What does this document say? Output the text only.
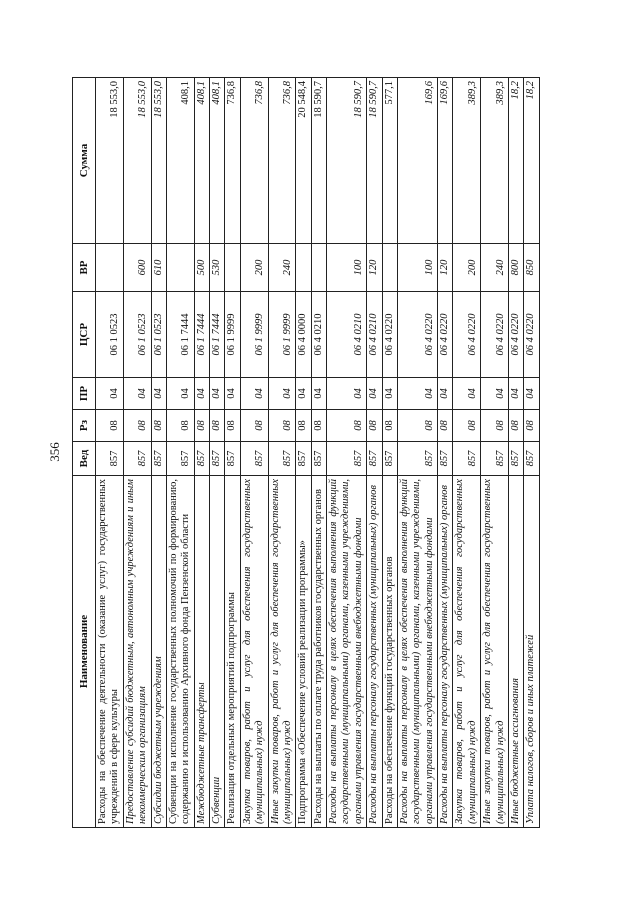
356
Наименование	Вед	Рз	ПР	ЦСР	ВР	Сумма
Расходы на обеспечение деятельности (оказание услуг) государственных учреждений в сфере культуры	857	08	04	06 1 0523		18 553,0
Предоставление субсидий бюджетным, автономным учреждениям и иным некоммерческим организациям	857	08	04	06 1 0523	600	18 553,0
Субсидии бюджетным учреждениям	857	08	04	06 1 0523	610	18 553,0
Субвенции на исполнение государственных полномочий по формированию, содержанию и использованию Архивного фонда Пензенской области	857	08	04	06 1 7444		408,1
Межбюджетные трансферты	857	08	04	06 1 7444	500	408,1
Субвенции	857	08	04	06 1 7444	530	408,1
Реализация отдельных мероприятий подпрограммы	857	08	04	06 1 9999		736,8
Закупка товаров, работ и услуг для обеспечения государственных (муниципальных) нужд	857	08	04	06 1 9999	200	736,8
Иные закупки товаров, работ и услуг для обеспечения государственных (муниципальных) нужд	857	08	04	06 1 9999	240	736,8
Подпрограмма «Обеспечение условий реализации программы»	857	08	04	06 4 0000		20 548,4
Расходы на выплаты по оплате труда работников государственных органов	857	08	04	06 4 0210		18 590,7
Расходы на выплаты персоналу в целях обеспечения выполнения функций государственными (муниципальными) органами, казенными учреждениями, органами управления государственными внебюджетными фондами	857	08	04	06 4 0210	100	18 590,7
Расходы на выплаты персоналу государственных (муниципальных) органов	857	08	04	06 4 0210	120	18 590,7
Расходы на обеспечение функций государственных органов	857	08	04	06 4 0220		577,1
Расходы на выплаты персоналу в целях обеспечения выполнения функций государственными (муниципальными) органами, казенными учреждениями, органами управления государственными внебюджетными фондами	857	08	04	06 4 0220	100	169,6
Расходы на выплаты персоналу государственных (муниципальных) органов	857	08	04	06 4 0220	120	169,6
Закупка товаров, работ и услуг для обеспечения государственных (муниципальных) нужд	857	08	04	06 4 0220	200	389,3
Иные закупки товаров, работ и услуг для обеспечения государственных (муниципальных) нужд	857	08	04	06 4 0220	240	389,3
Иные бюджетные ассигнования	857	08	04	06 4 0220	800	18,2
Уплата налогов, сборов и иных платежей	857	08	04	06 4 0220	850	18,2
